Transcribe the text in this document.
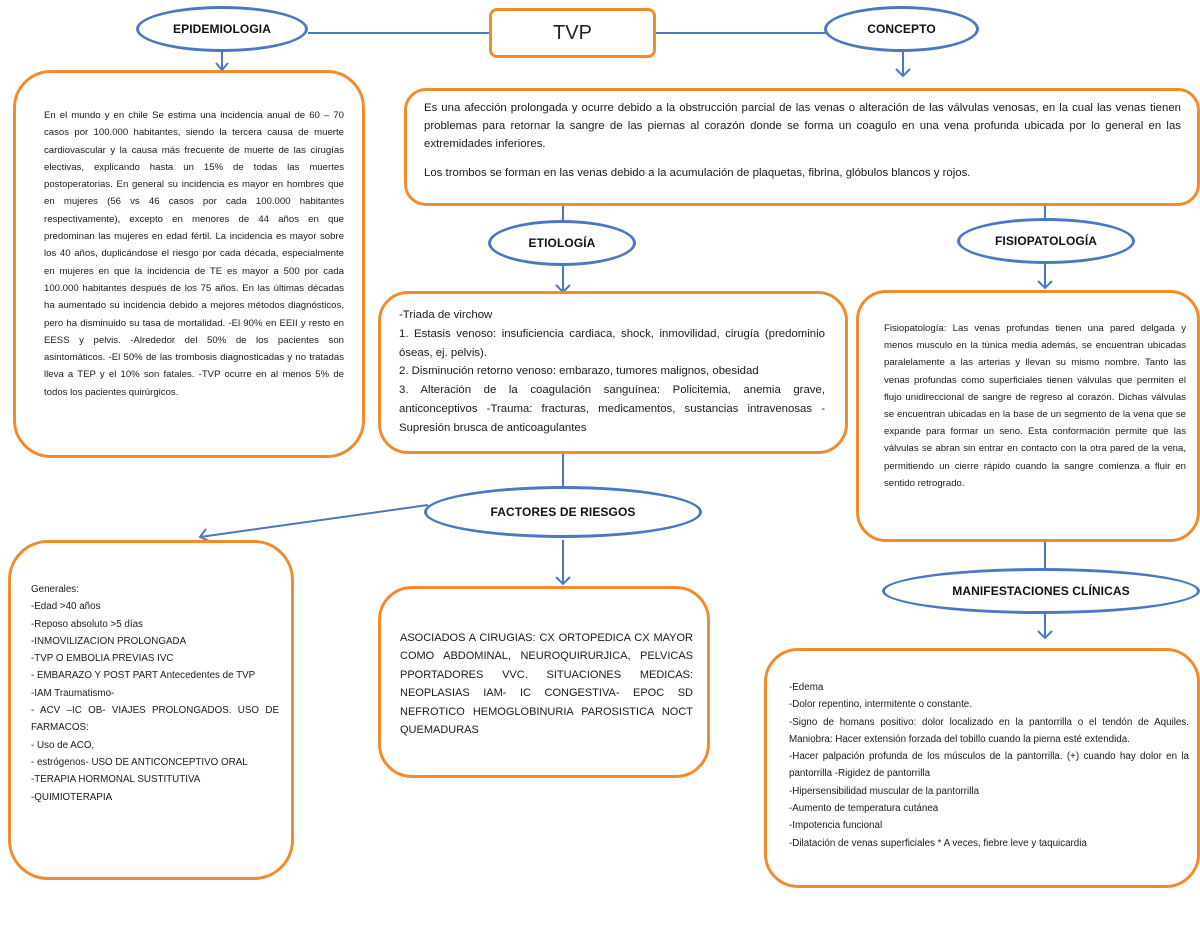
TVP
EPIDEMIOLOGIA	CONCEPTO

En el mundo y en chile Se estima una incidencia anual de 60 – 70 casos por 100.000 habitantes, siendo la tercera causa de muerte cardiovascular y la causa más frecuente de muerte de las cirugías electivas, explicando hasta un 15% de todas las muertes postoperatorias. En general su incidencia es mayor en hombres que en mujeres (56 vs 46 casos por cada 100.000 habitantes respectivamente), excepto en menores de 44 años en que predominan las mujeres en edad fértil. La incidencia es mayor sobre los 40 años, duplicándose el riesgo por cada década, especialmente en mujeres en que la incidencia de TE es mayor a 500 por cada 100.000 habitantes después de los 75 años. En las últimas décadas ha aumentado su incidencia debido a mejores métodos diagnósticos, pero ha disminuido su tasa de mortalidad. -El 90% en EEII y resto en EESS y pelvis. -Alrededor del 50% de los pacientes son asintomáticos. -El 50% de las trombosis diagnosticadas y no tratadas lleva a TEP y el 10% son fatales. -TVP ocurre en al menos 5% de todos los pacientes quirúrgicos.

Es una afección prolongada y ocurre debido a la obstrucción parcial de las venas o alteración de las válvulas venosas, en la cual las venas tienen problemas para retornar la sangre de las piernas al corazón donde se forma un coagulo en una vena profunda ubicada por lo general en las extremidades inferiores.

Los trombos se forman en las venas debido a la acumulación de plaquetas, fibrina, glóbulos blancos y rojos.

ETIOLOGÍA	FISIOPATOLOGÍA

-Triada de virchow

1. Estasis venoso: insuficiencia cardiaca, shock, inmovilidad, cirugía (predominio óseas, ej. pelvis).

2. Disminución retorno venoso: embarazo, tumores malignos, obesidad

3. Alteración de la coagulación sanguínea: Policitemia, anemia grave, anticonceptivos -Trauma: fracturas, medicamentos, sustancias intravenosas -Supresión brusca de anticoagulantes

Fisiopatología: Las venas profundas tienen una pared delgada y menos musculo en la túnica media además, se encuentran ubicadas paralelamente a las arterias y llevan su mismo nombre. Tanto las venas profundas como superficiales tienen válvulas que permiten el flujo unidireccional de sangre de regreso al corazón. Dichas válvulas se encuentran ubicadas en la base de un segmento de la vena que se expande para formar un seno. Esta conformación permite que las válvulas se abran sin entrar en contacto con la otra pared de la vena, permitiendo un cierre rápido cuando la sangre comienza a fluir en sentido retrogrado.

FACTORES DE RIESGOS
MANIFESTACIONES CLÍNICAS

Generales:

-Edad >40 años

-Reposo absoluto >5 días

-INMOVILIZACION PROLONGADA

-TVP O EMBOLIA PREVIAS IVC

- EMBARAZO Y POST PART Antecedentes de TVP

-IAM Traumatismo-

- ACV –IC OB- VIAJES PROLONGADOS. USO DE FARMACOS:

- Uso de ACO,

- estrógenos- USO DE ANTICONCEPTIVO ORAL

-TERAPIA HORMONAL SUSTITUTIVA

-QUIMIOTERAPIA

ASOCIADOS A CIRUGIAS: CX ORTOPEDICA CX MAYOR COMO ABDOMINAL, NEUROQUIRURJICA, PELVICAS PPORTADORES VVC. SITUACIONES MEDICAS: NEOPLASIAS IAM- IC CONGESTIVA- EPOC SD NEFROTICO HEMOGLOBINURIA PAROSISTICA NOCT QUEMADURAS

-Edema

-Dolor repentino, intermitente o constante.

-Signo de homans positivo: dolor localizado en la pantorrilla o el tendón de Aquiles. Maniobra: Hacer extensión forzada del tobillo cuando la pierna esté extendida.

-Hacer palpación profunda de los músculos de la pantorrilla. (+) cuando hay dolor en la pantorrilla -Rigidez de pantorrilla

-Hipersensibilidad muscular de la pantorrilla

-Aumento de temperatura cutánea

-Impotencia funcional

-Dilatación de venas superficiales * A veces, fiebre leve y taquicardia
